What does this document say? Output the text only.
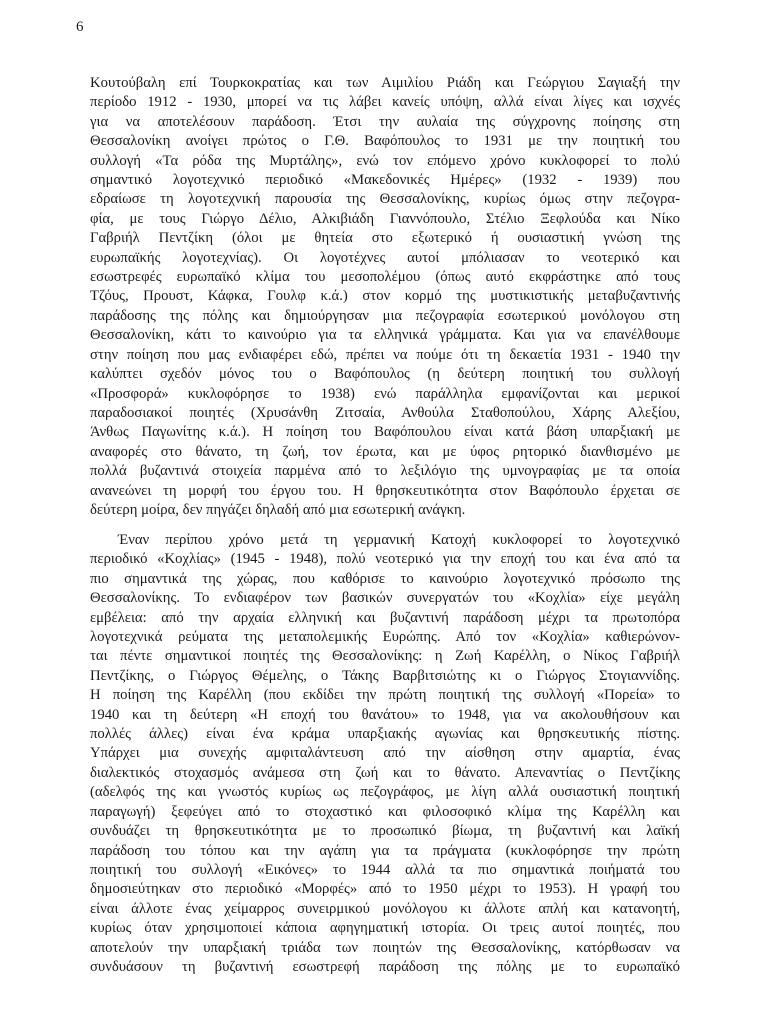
6
Κουτούβαλη επί Τουρκοκρατίας και των Αιμιλίου Ριάδη και Γεώργιου Σαγιαξή την
περίοδο 1912 - 1930, μπορεί να τις λάβει κανείς υπόψη, αλλά είναι λίγες και ισχνές
για να αποτελέσουν παράδοση. Έτσι την αυλαία της σύγχρονης ποίησης στη
Θεσσαλονίκη ανοίγει πρώτος ο Γ.Θ. Βαφόπουλος το 1931 με την ποιητική του
συλλογή «Τα ρόδα της Μυρτάλης», ενώ τον επόμενο χρόνο κυκλοφορεί το πολύ
σημαντικό λογοτεχνικό περιοδικό «Μακεδονικές Ημέρες» (1932 - 1939) που
εδραίωσε τη λογοτεχνική παρουσία της Θεσσαλονίκης, κυρίως όμως στην πεζογρα-
φία, με τους Γιώργο Δέλιο, Αλκιβιάδη Γιαννόπουλο, Στέλιο Ξεφλούδα και Νίκο
Γαβριήλ Πεντζίκη (όλοι με θητεία στο εξωτερικό ή ουσιαστική γνώση της
ευρωπαϊκής λογοτεχνίας). Οι λογοτέχνες αυτοί μπόλιασαν το νεοτερικό και
εσωστρεφές ευρωπαϊκό κλίμα του μεσοπολέμου (όπως αυτό εκφράστηκε από τους
Τζόυς, Προυστ, Κάφκα, Γουλφ κ.ά.) στον κορμό της μυστικιστικής μεταβυζαντινής
παράδοσης της πόλης και δημιούργησαν μια πεζογραφία εσωτερικού μονόλογου στη
Θεσσαλονίκη, κάτι το καινούριο για τα ελληνικά γράμματα. Και για να επανέλθουμε
στην ποίηση που μας ενδιαφέρει εδώ, πρέπει να πούμε ότι τη δεκαετία 1931 - 1940 την
καλύπτει σχεδόν μόνος του ο Βαφόπουλος (η δεύτερη ποιητική του συλλογή
«Προσφορά» κυκλοφόρησε το 1938) ενώ παράλληλα εμφανίζονται και μερικοί
παραδοσιακοί ποιητές (Χρυσάνθη Ζιτσαία, Ανθούλα Σταθοπούλου, Χάρης Αλεξίου,
Άνθως Παγωνίτης κ.ά.). Η ποίηση του Βαφόπουλου είναι κατά βάση υπαρξιακή με
αναφορές στο θάνατο, τη ζωή, τον έρωτα, και με ύφος ρητορικό διανθισμένο με
πολλά βυζαντινά στοιχεία παρμένα από το λεξιλόγιο της υμνογραφίας με τα οποία
ανανεώνει τη μορφή του έργου του. Η θρησκευτικότητα στον Βαφόπουλο έρχεται σε
δεύτερη μοίρα, δεν πηγάζει δηλαδή από μια εσωτερική ανάγκη.
Έναν περίπου χρόνο μετά τη γερμανική Κατοχή κυκλοφορεί το λογοτεχνικό
περιοδικό «Κοχλίας» (1945 - 1948), πολύ νεοτερικό για την εποχή του και ένα από τα
πιο σημαντικά της χώρας, που καθόρισε το καινούριο λογοτεχνικό πρόσωπο της
Θεσσαλονίκης. Το ενδιαφέρον των βασικών συνεργατών του «Κοχλία» είχε μεγάλη
εμβέλεια: από την αρχαία ελληνική και βυζαντινή παράδοση μέχρι τα πρωτοπόρα
λογοτεχνικά ρεύματα της μεταπολεμικής Ευρώπης. Από τον «Κοχλία» καθιερώνον-
ται πέντε σημαντικοί ποιητές της Θεσσαλονίκης: η Ζωή Καρέλλη, ο Νίκος Γαβριήλ
Πεντζίκης, ο Γιώργος Θέμελης, ο Τάκης Βαρβιτσιώτης κι ο Γιώργος Στογιαννίδης.
Η ποίηση της Καρέλλη (που εκδίδει την πρώτη ποιητική της συλλογή «Πορεία» το
1940 και τη δεύτερη «Η εποχή του θανάτου» το 1948, για να ακολουθήσουν και
πολλές άλλες) είναι ένα κράμα υπαρξιακής αγωνίας και θρησκευτικής πίστης.
Υπάρχει μια συνεχής αμφιταλάντευση από την αίσθηση στην αμαρτία, ένας
διαλεκτικός στοχασμός ανάμεσα στη ζωή και το θάνατο. Απεναντίας ο Πεντζίκης
(αδελφός της και γνωστός κυρίως ως πεζογράφος, με λίγη αλλά ουσιαστική ποιητική
παραγωγή) ξεφεύγει από το στοχαστικό και φιλοσοφικό κλίμα της Καρέλλη και
συνδυάζει τη θρησκευτικότητα με το προσωπικό βίωμα, τη βυζαντινή και λαϊκή
παράδοση του τόπου και την αγάπη για τα πράγματα (κυκλοφόρησε την πρώτη
ποιητική του συλλογή «Εικόνες» το 1944 αλλά τα πιο σημαντικά ποιήματά του
δημοσιεύτηκαν στο περιοδικό «Μορφές» από το 1950 μέχρι το 1953). Η γραφή του
είναι άλλοτε ένας χείμαρρος συνειρμικού μονόλογου κι άλλοτε απλή και κατανοητή,
κυρίως όταν χρησιμοποιεί κάποια αφηγηματική ιστορία. Οι τρεις αυτοί ποιητές, που
αποτελούν την υπαρξιακή τριάδα των ποιητών της Θεσσαλονίκης, κατόρθωσαν να
συνδυάσουν τη βυζαντινή εσωστρεφή παράδοση της πόλης με το ευρωπαϊκό
